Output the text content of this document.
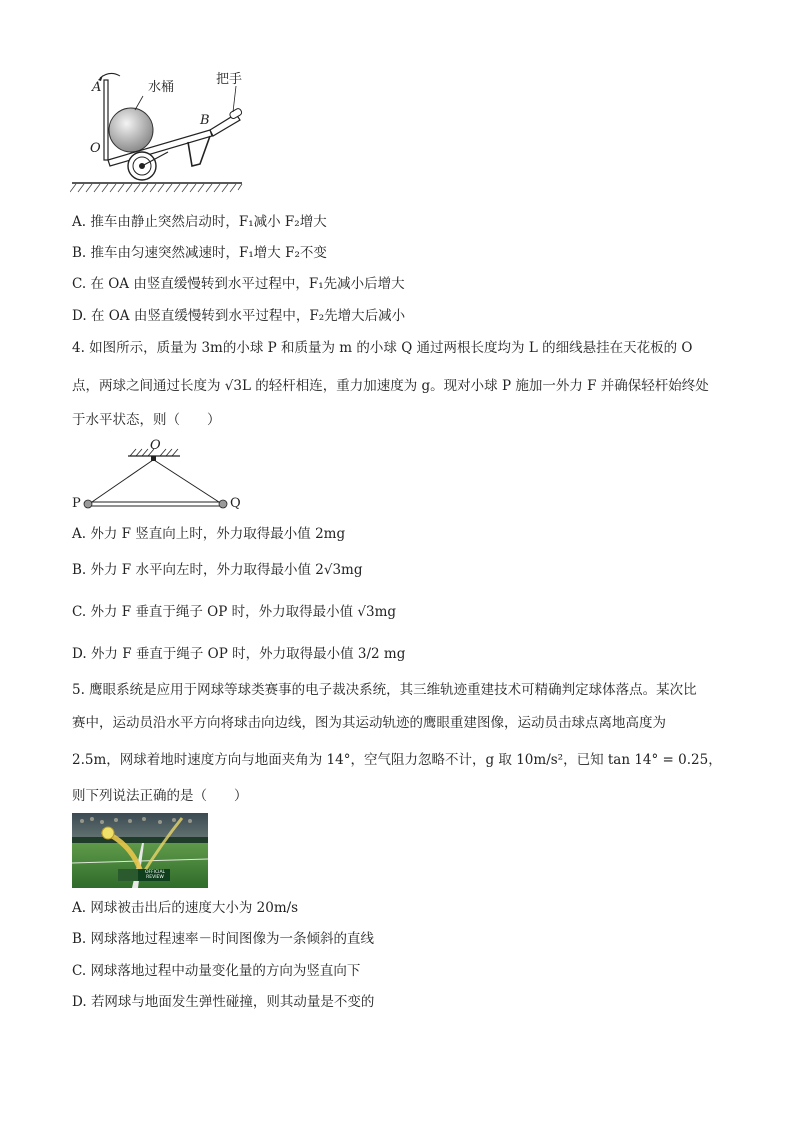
A	水桶
把手
B
O
A. 推车由静止突然启动时，F₁减小 F₂增大
B. 推车由匀速突然减速时，F₁增大 F₂不变
C. 在 OA 由竖直缓慢转到水平过程中，F₁先减小后增大
D. 在 OA 由竖直缓慢转到水平过程中，F₂先增大后减小
4. 如图所示，质量为 3m的小球 P 和质量为 m 的小球 Q 通过两根长度均为 L 的细线悬挂在天花板的 O
点，两球之间通过长度为 √3L 的轻杆相连，重力加速度为 g。现对小球 P 施加一外力 F 并确保轻杆始终处
于水平状态，则（　　）
O
P	Q
A. 外力 F 竖直向上时，外力取得最小值 2mg
B. 外力 F 水平向左时，外力取得最小值 2√3mg
C. 外力 F 垂直于绳子 OP 时，外力取得最小值 √3mg
D. 外力 F 垂直于绳子 OP 时，外力取得最小值 3/2 mg
5. 鹰眼系统是应用于网球等球类赛事的电子裁决系统，其三维轨迹重建技术可精确判定球体落点。某次比
赛中，运动员沿水平方向将球击向边线，图为其运动轨迹的鹰眼重建图像，运动员击球点离地高度为
2.5m，网球着地时速度方向与地面夹角为 14°，空气阻力忽略不计，g 取 10m/s²，已知 tan 14° = 0.25，
则下列说法正确的是（　　）
OFFICIAL REVIEW
A. 网球被击出后的速度大小为 20m/s
B. 网球落地过程速率－时间图像为一条倾斜的直线
C. 网球落地过程中动量变化量的方向为竖直向下
D. 若网球与地面发生弹性碰撞，则其动量是不变的
